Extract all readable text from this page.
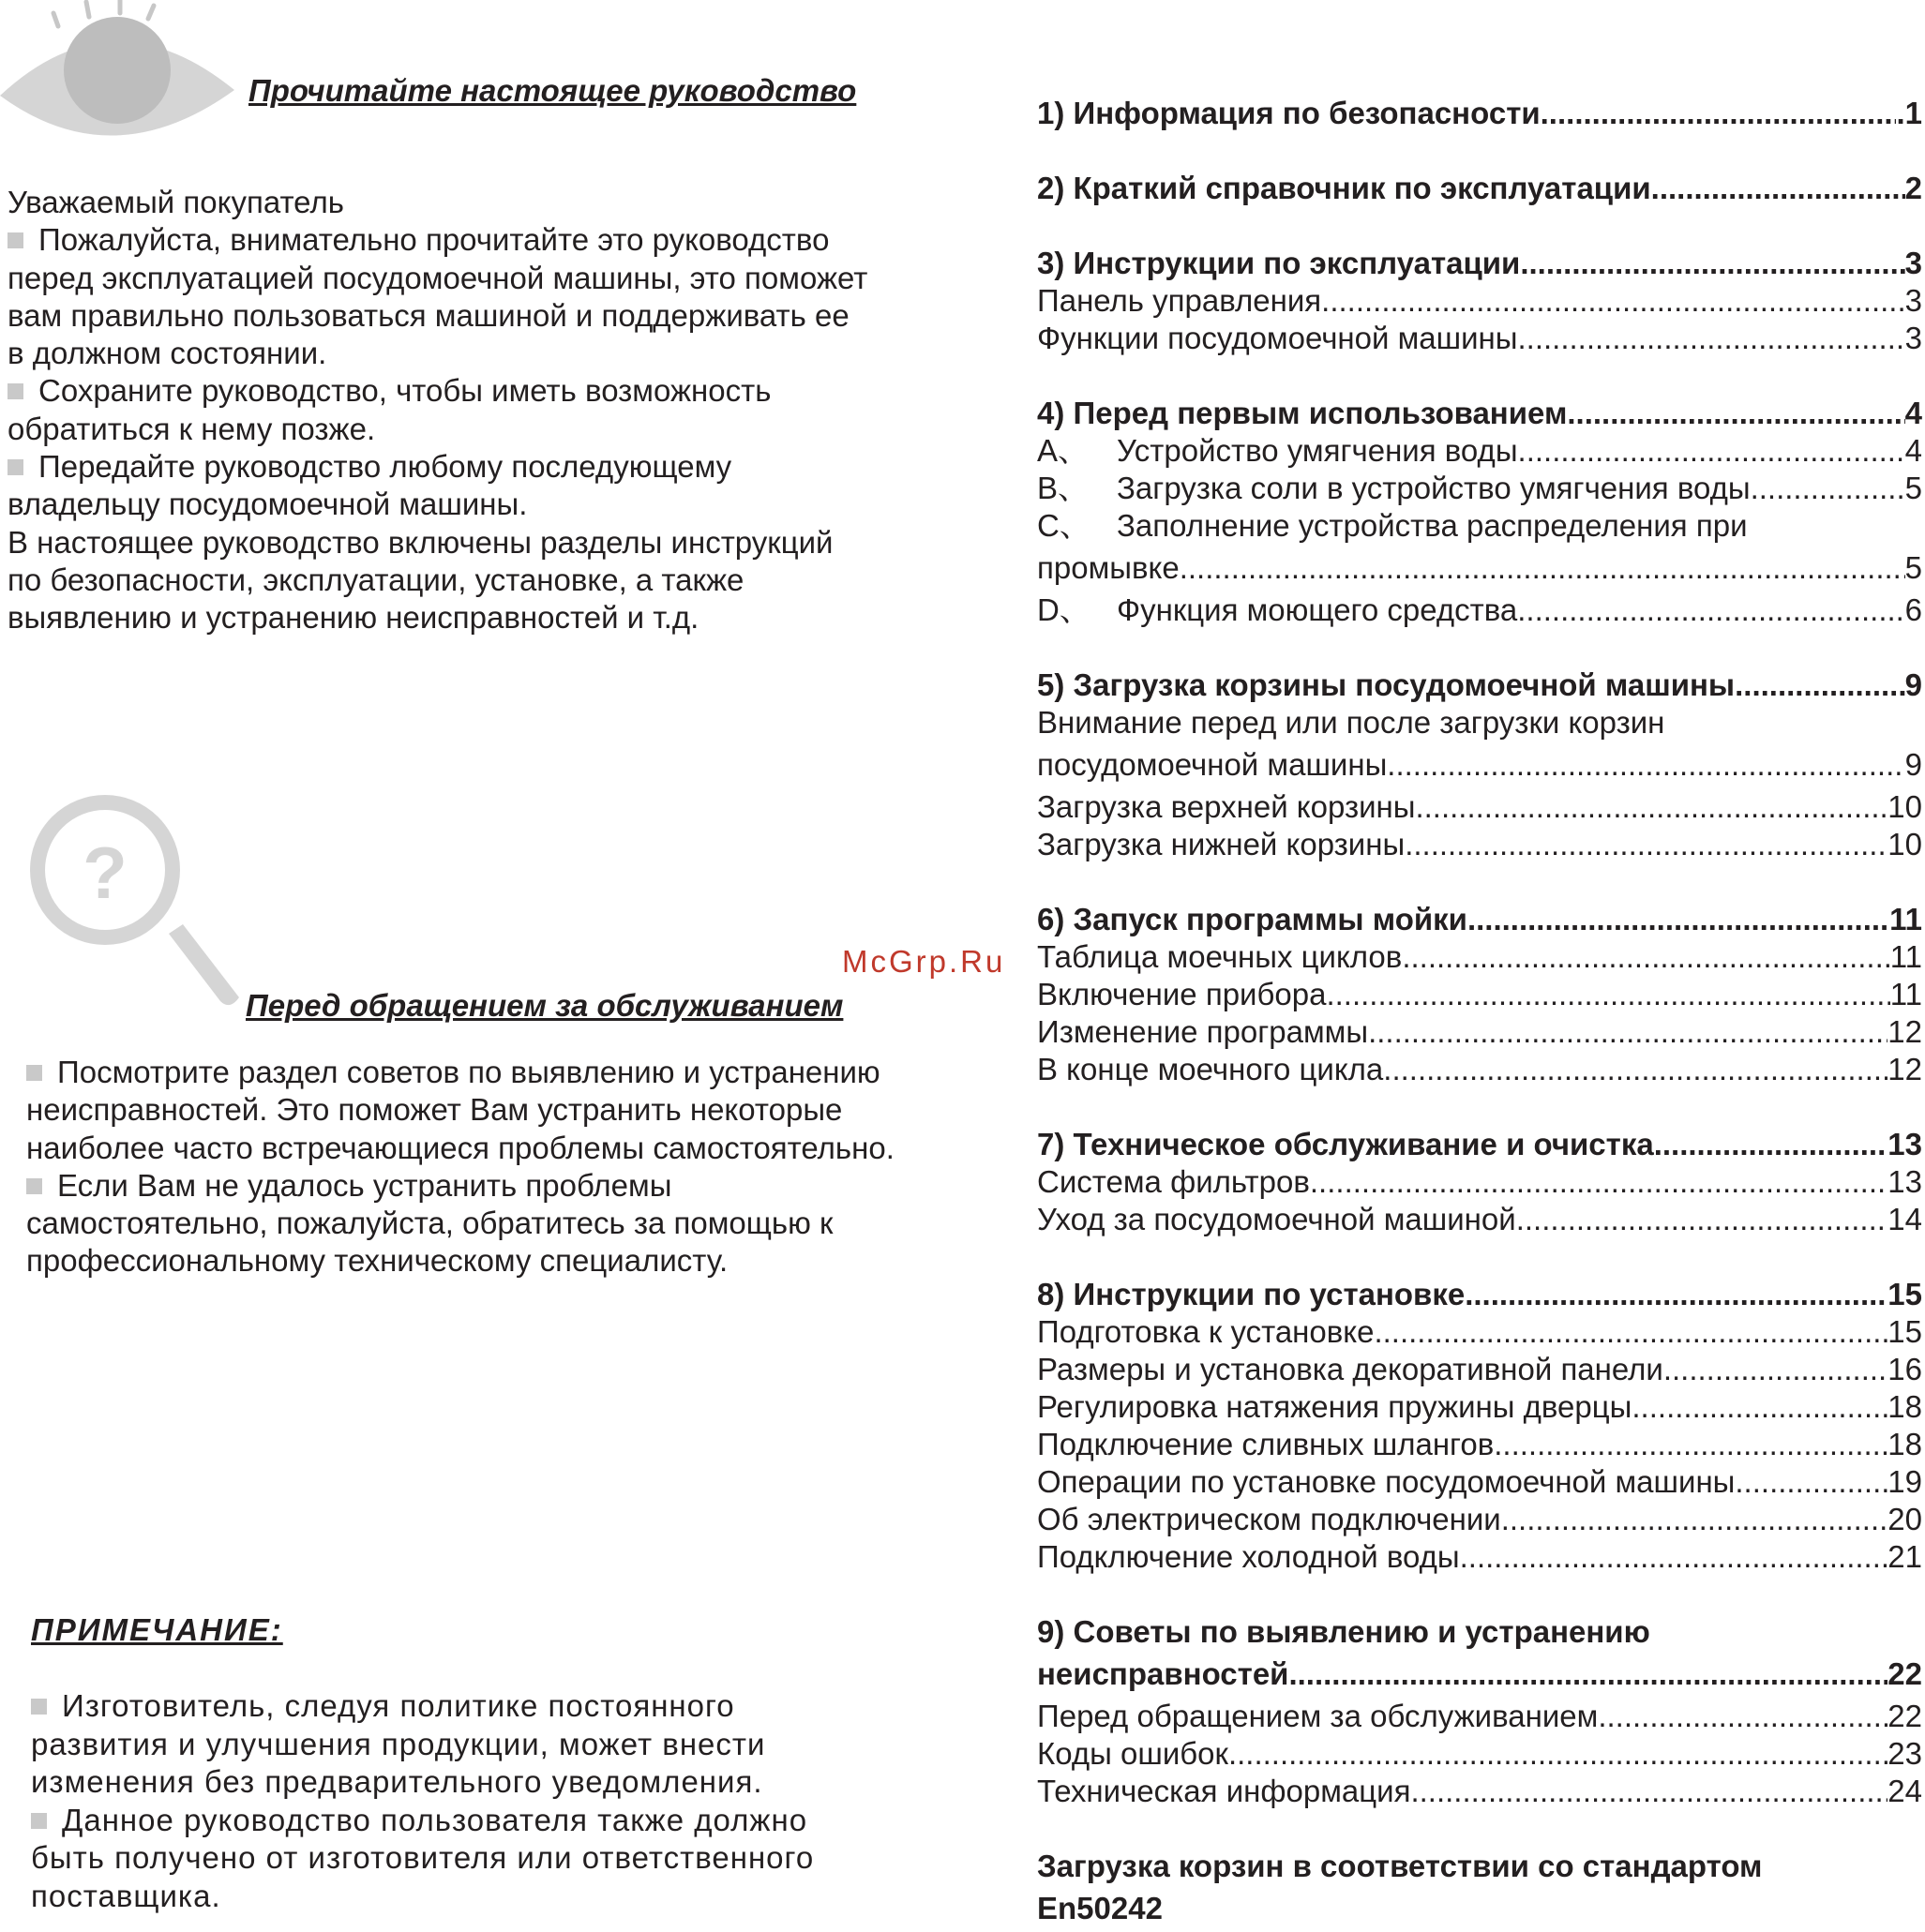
Прочитайте настоящее руководство
Уважаемый покупатель
Пожалуйста, внимательно прочитайте это руководство
перед эксплуатацией посудомоечной машины, это поможет
вам правильно пользоваться машиной и поддерживать ее
в должном состоянии.
Сохраните руководство, чтобы иметь возможность
обратиться к нему позже.
Передайте руководство любому последующему
владельцу посудомоечной машины.
В настоящее руководство включены разделы инструкций
по безопасности, эксплуатации, установке, а также
выявлению и устранению неисправностей и т.д.
?
Перед обращением за обслуживанием
Посмотрите раздел советов по выявлению и устранению
неисправностей. Это поможет Вам устранить некоторые
наиболее часто встречающиеся проблемы самостоятельно.
Если Вам не удалось устранить проблемы
самостоятельно, пожалуйста, обратитесь за помощью к
профессиональному техническому специалисту.
ПРИМЕЧАНИЕ:
Изготовитель, следуя политике постоянного
развития и улучшения продукции, может внести
изменения без предварительного уведомления.
Данное руководство пользователя также должно
быть получено от изготовителя или ответственного
поставщика.
McGrp.Ru
1) Информация по безопасности .....	.1
2) Краткий справочник по эксплуатации .....	2
3) Инструкции по эксплуатации .....	3
Панель управления .....	3
Функции посудомоечной машины .....	3
4) Перед первым использованием .....	4
A、 Устройство умягчения воды .....	4
B、 Загрузка соли в устройство умягчения воды .....	5
C、 Заполнение устройства распределения при
промывке .....	5
D、 Функция моющего средства .....	6
5) Загрузка корзины посудомоечной машины .....	9
Внимание перед или после загрузки корзин
посудомоечной машины .....	9
Загрузка верхней корзины .....	10
Загрузка нижней корзины .....	10
6) Запуск программы мойки .....	11
Таблица моечных циклов .....	11
Включение прибора .....	11
Изменение программы .....	12
В конце моечного цикла .....	12
7) Техническое обслуживание и очистка .....	13
Система фильтров .....	13
Уход за посудомоечной машиной .....	14
8) Инструкции по установке .....	15
Подготовка к установке .....	15
Размеры и установка декоративной панели .....	16
Регулировка натяжения пружины дверцы .....	18
Подключение сливных шлангов .....	18
Операции по установке посудомоечной машины .....	19
Об электрическом подключении .....	20
Подключение холодной воды .....	21
9) Советы по выявлению и устранению
неисправностей .....	22
Перед обращением за обслуживанием .....	22
Коды ошибок .....	23
Техническая информация .....	24
Загрузка корзин в соответствии со стандартом
En50242
